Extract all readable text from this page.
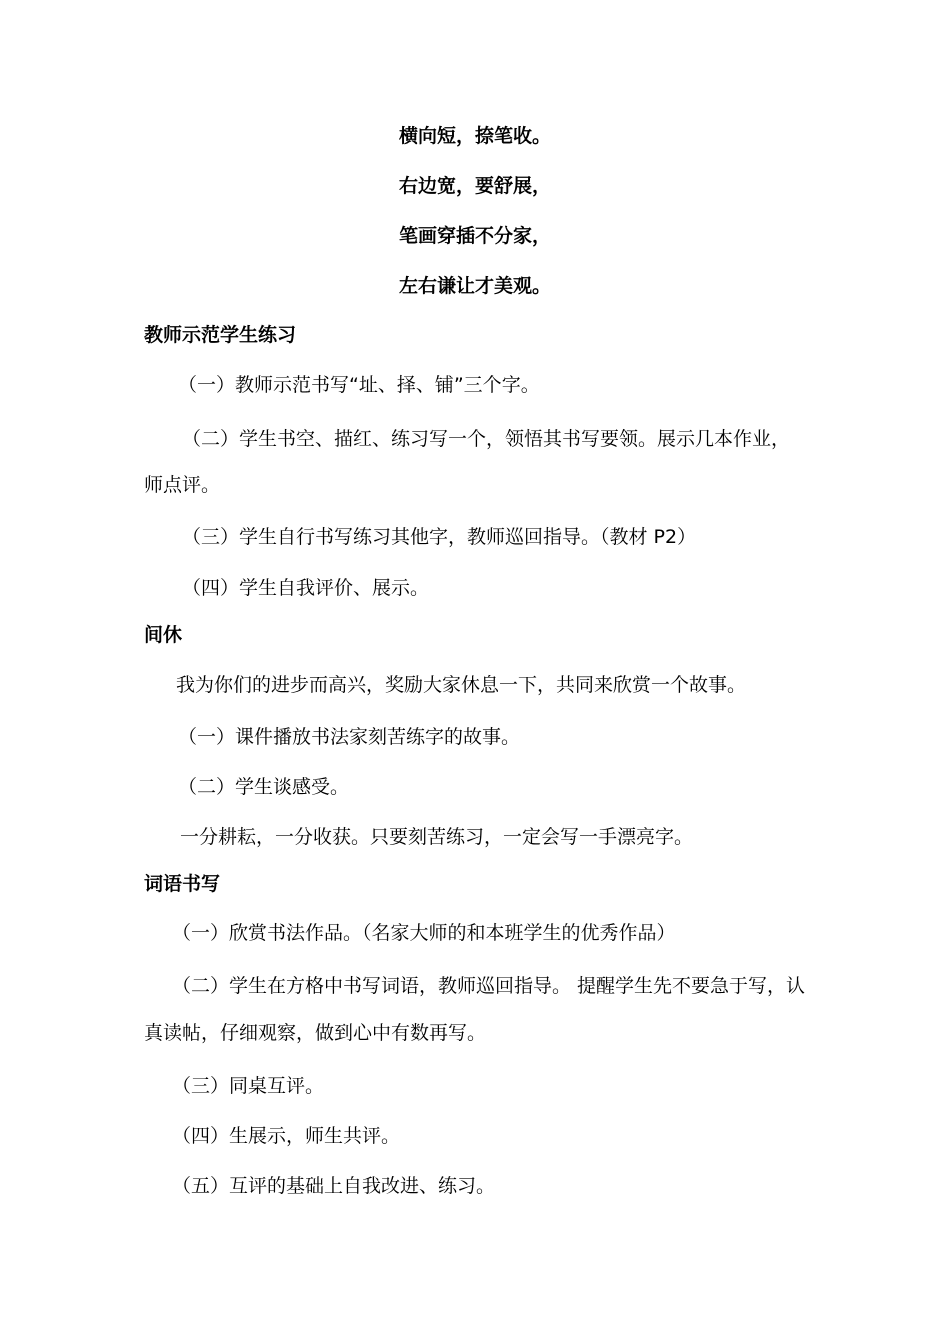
横向短，捺笔收。
右边宽，要舒展，
笔画穿插不分家，
左右谦让才美观。
教师示范学生练习
（一）教师示范书写“址、择、铺”三个字。
（二）学生书空、描红、练习写一个，领悟其书写要领。展示几本作业，
师点评。
（三）学生自行书写练习其他字，教师巡回指导。（教材 P2）
（四）学生自我评价、展示。
间休
我为你们的进步而高兴，奖励大家休息一下，共同来欣赏一个故事。
（一）课件播放书法家刻苦练字的故事。
（二）学生谈感受。
一分耕耘，一分收获。只要刻苦练习，一定会写一手漂亮字。
词语书写
（一）欣赏书法作品。（名家大师的和本班学生的优秀作品）
（二）学生在方格中书写词语，教师巡回指导。 提醒学生先不要急于写，认
真读帖，仔细观察，做到心中有数再写。
（三）同桌互评。
（四）生展示，师生共评。
（五）互评的基础上自我改进、练习。
